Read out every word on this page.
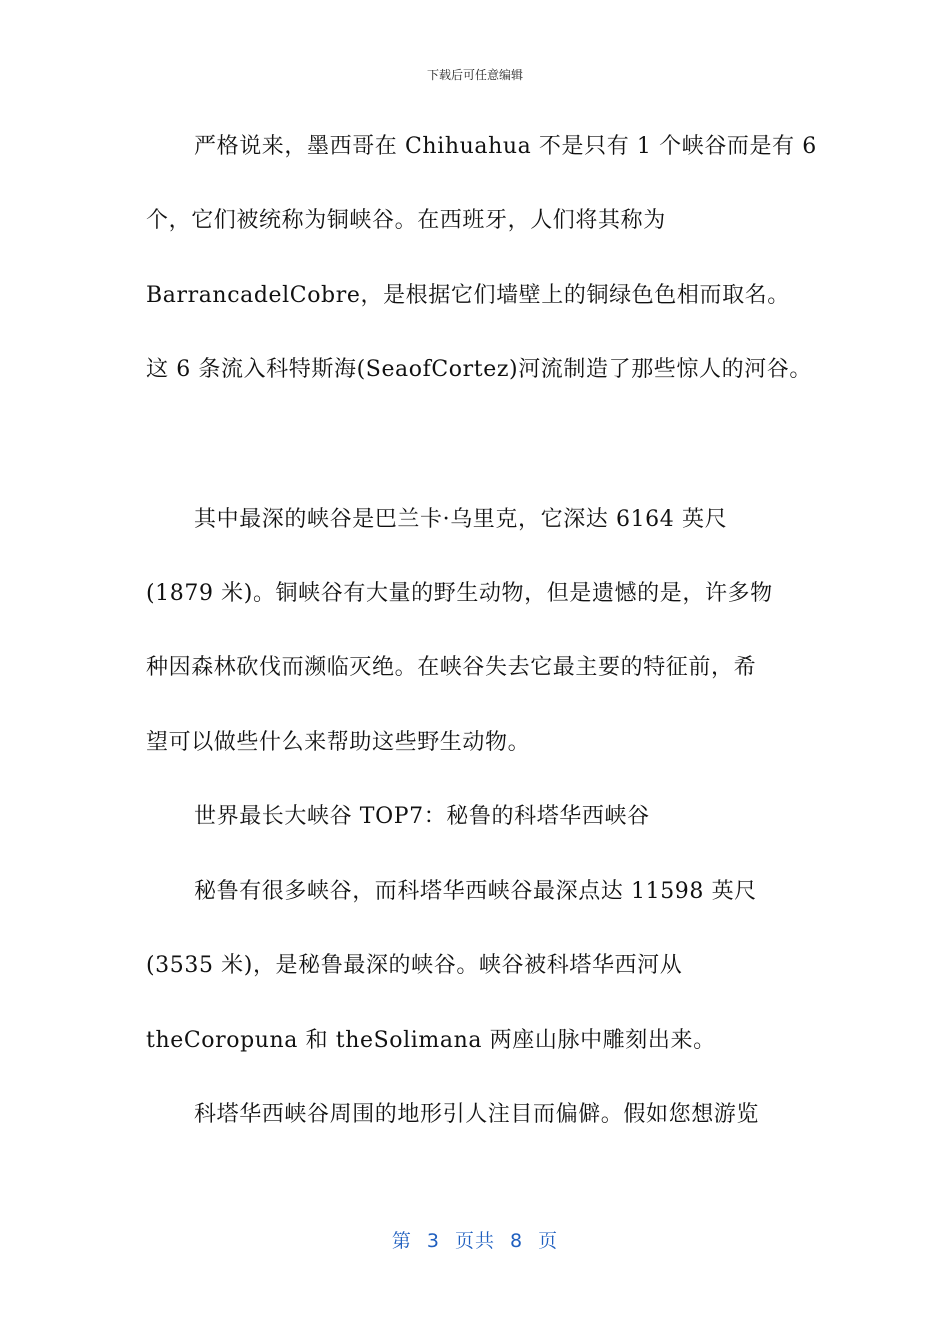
下载后可任意编辑
严格说来，墨西哥在 Chihuahua 不是只有 1 个峡谷而是有 6
个，它们被统称为铜峡谷。在西班牙，人们将其称为
BarrancadelCobre，是根据它们墙壁上的铜绿色色相而取名。
这 6 条流入科特斯海(SeaofCortez)河流制造了那些惊人的河谷。
其中最深的峡谷是巴兰卡·乌里克，它深达 6164 英尺
(1879 米)。铜峡谷有大量的野生动物，但是遗憾的是，许多物
种因森林砍伐而濒临灭绝。在峡谷失去它最主要的特征前，希
望可以做些什么来帮助这些野生动物。
世界最长大峡谷 TOP7：秘鲁的科塔华西峡谷
秘鲁有很多峡谷，而科塔华西峡谷最深点达 11598 英尺
(3535 米)，是秘鲁最深的峡谷。峡谷被科塔华西河从
theCoropuna 和 theSolimana 两座山脉中雕刻出来。
科塔华西峡谷周围的地形引人注目而偏僻。假如您想游览
第 3 页共 8 页
